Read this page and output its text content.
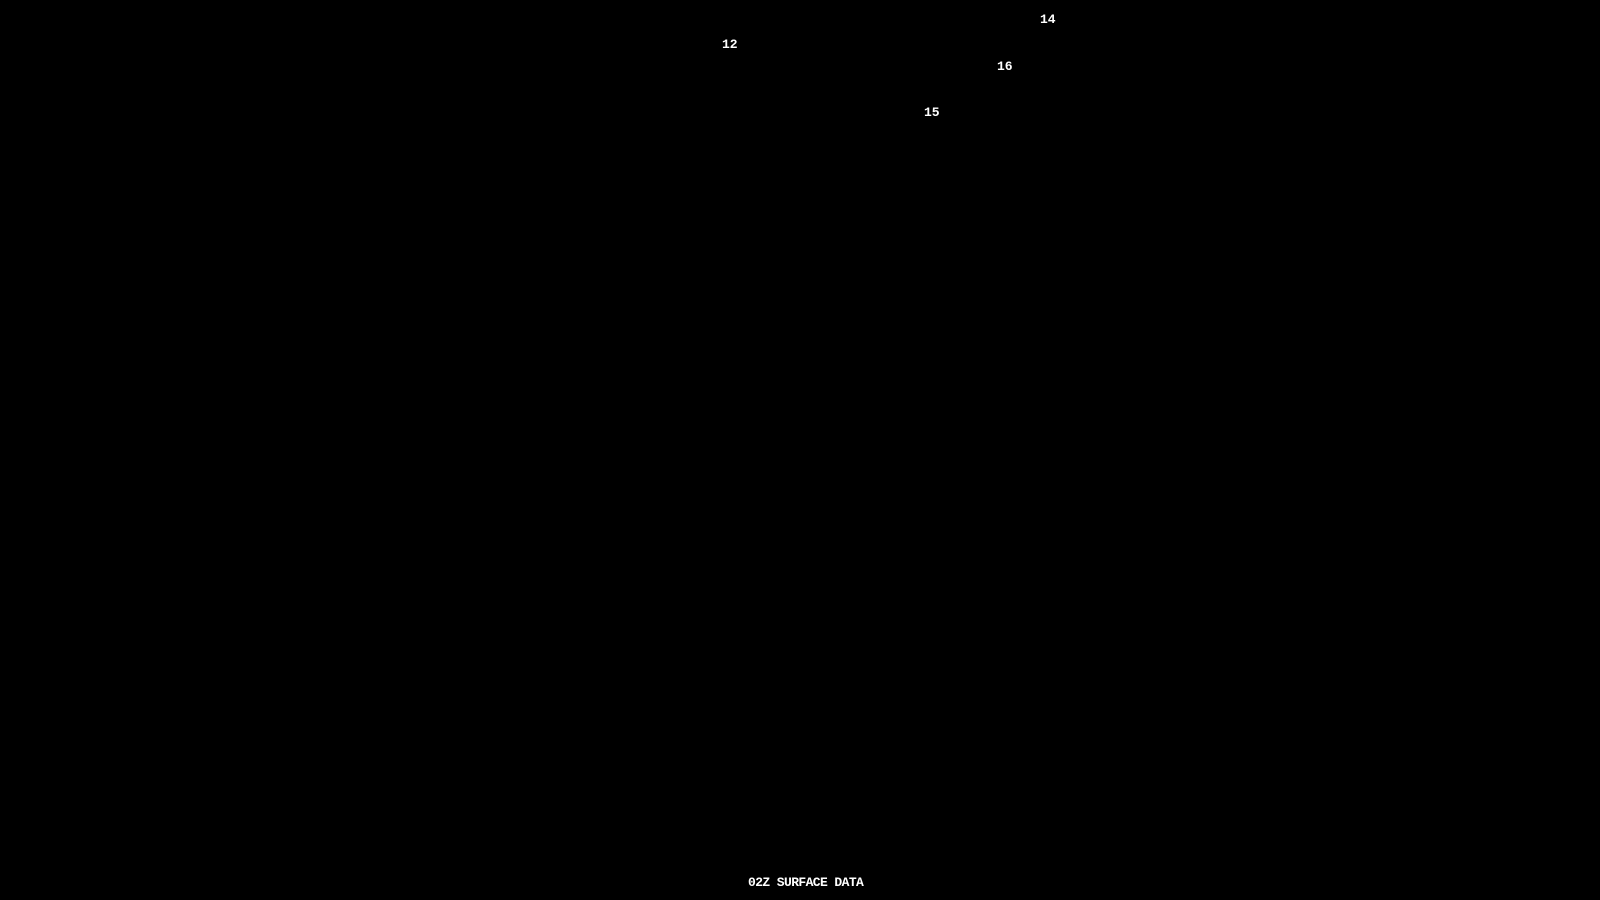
12
14
16
15
02Z SURFACE DATA
